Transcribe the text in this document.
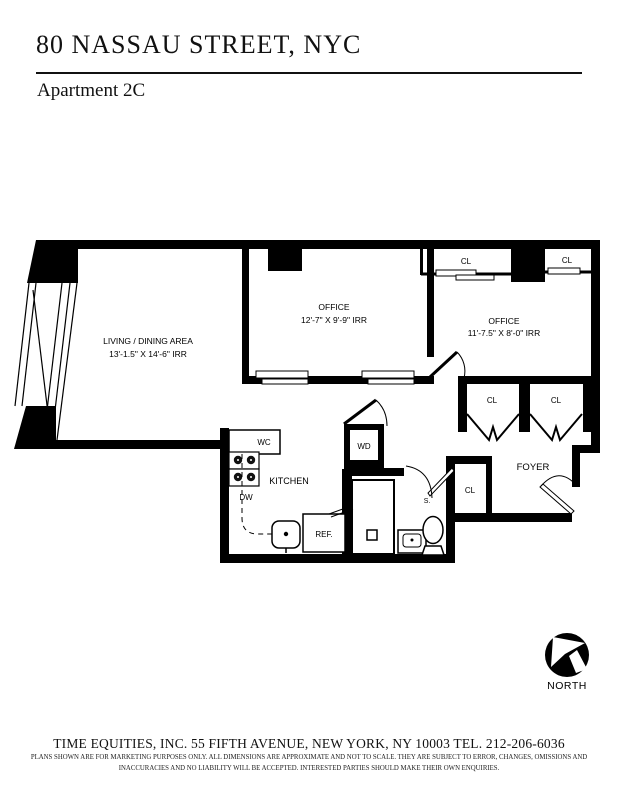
80 NASSAU STREET, NYC
Apartment 2C
LIVING / DINING AREA
13'-1.5" X 14'-6" IRR
OFFICE
12'-7" X 9'-9" IRR	OFFICE
11'-7.5" X 8'-0" IRR
CL	CL
CL	CL
CL
FOYER
KITCHEN
WC	WD
DW
REF.
S.
NORTH
TIME EQUITIES, INC. 55 FIFTH AVENUE, NEW YORK, NY 10003 TEL. 212-206-6036
PLANS SHOWN ARE FOR MARKETING PURPOSES ONLY. ALL DIMENSIONS ARE APPROXIMATE AND NOT TO SCALE. THEY ARE SUBJECT TO ERROR, CHANGES, OMISSIONS AND INACCURACIES AND NO LIABILITY WILL BE ACCEPTED. INTERESTED PARTIES SHOULD MAKE THEIR OWN ENQUIRIES.
